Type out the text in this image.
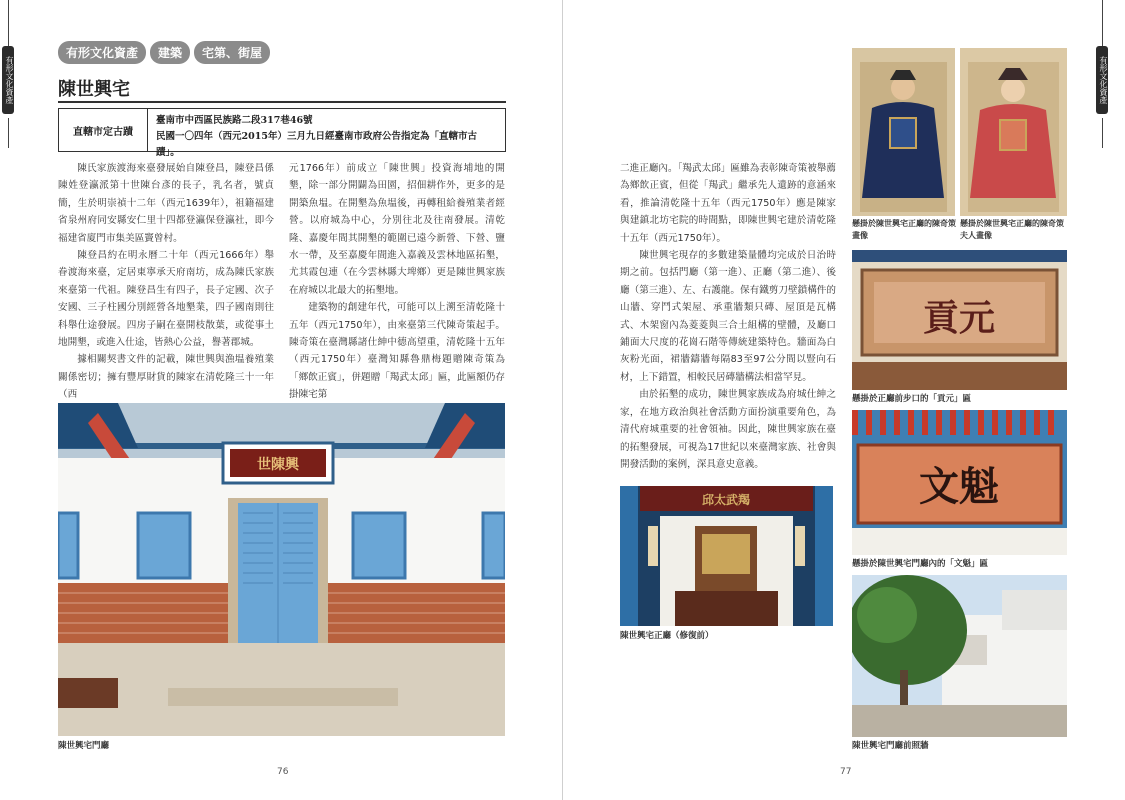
有形文化資產	有形文化資產
有形文化資產	建築	宅第、街屋
陳世興宅
直轄市定古蹟
臺南市中西區民族路二段317巷46號
民國一〇四年（西元2015年）三月九日經臺南市政府公告指定為「直轄市古蹟」。

陳氏家族渡海來臺發展始自陳登昌，陳登昌係陳姓登瀛派第十世陳台彥的長子，乳名者，號貞簡，生於明崇禎十二年（西元1639年），祖籍福建省泉州府同安縣安仁里十四都登瀛保登瀛社，即今福建省廈門市集美區竇曾村。

陳登昌約在明永曆二十年（西元1666年）舉眷渡海來臺，定居東寧承天府南坊，成為陳氏家族來臺第一代祖。陳登昌生有四子，長子定國、次子安國、三子柱國分別經營各地墾業，四子國南則往科舉仕途發展。四房子嗣在臺開枝散葉，或從事土地開墾，或進入仕途，皆熱心公益，譽著郡城。

據相關契書文件的記載，陳世興與漁塭養殖業關係密切；擁有豐厚財貨的陳家在清乾隆三十一年（西

元1766年）前成立「陳世興」投資海埔地的開墾，除一部分開闢為田園，招佃耕作外，更多的是開築魚塭。在開墾為魚塭後，再轉租給養殖業者經營。以府城為中心，分別往北及往南發展。清乾隆、嘉慶年間其開墾的範圍已遠今新營、下營、鹽水一帶，及至嘉慶年間進入嘉義及雲林地區拓墾，尤其霞包連（在今雲林縣大埤鄉）更是陳世興家族在府城以北最大的拓墾地。

建築物的創建年代，可能可以上溯至清乾隆十五年（西元1750年），由來臺第三代陳奇策起手。陳奇策在臺灣縣諸仕紳中德高望重，清乾隆十五年（西元1750年）臺灣知縣魯鼎梅題贈陳奇策為「鄉飲正賓」，併題贈「羯武太邱」匾，此匾額仍存掛陳宅第

世陳興
陳世興宅門廳
76

二進正廳內。「羯武太邱」匾雖為表彰陳奇策被舉薦為鄉飲正賓，但從「羯武」繼承先人遺跡的意涵來看，推論清乾隆十五年（西元1750年）應是陳家與建鎮北坊宅院的時間點，即陳世興宅建於清乾隆十五年（西元1750年）。

陳世興宅現存的多數建築量體均完成於日治時期之前。包括門廳（第一進）、正廳（第二進）、後廳（第三進）、左、右護龍。保有鐵剪刀壁鎖構件的山牆、穿鬥式架屋、承重牆類只磚、屋頂是瓦構式、木架窗內為菱菱與三合土組構的壁體，及廳口鋪面大尺度的花崗石階等傳統建築特色。牆面為白灰粉光面，裙牆鑄牆每隔83至97公分間以豎向石材，上下錯置，相較民居磚牆構法相當罕見。

由於拓墾的成功，陳世興家族成為府城仕紳之家，在地方政治與社會活動方面扮演重要角色，為清代府城重要的社會領袖。因此，陳世興家族在臺的拓墾發展，可視為17世紀以來臺灣家族、社會與開發活動的案例，深具意史意義。

邱太武羯
陳世興宅正廳（修復前）
懸掛於陳世興宅正廳的陳奇策畫像
懸掛於陳世興宅正廳的陳奇策夫人畫像
貢元
懸掛於正廳前步口的「貢元」匾
文魁
懸掛於陳世興宅門廳內的「文魁」匾
陳世興宅門廳前照牆
77
